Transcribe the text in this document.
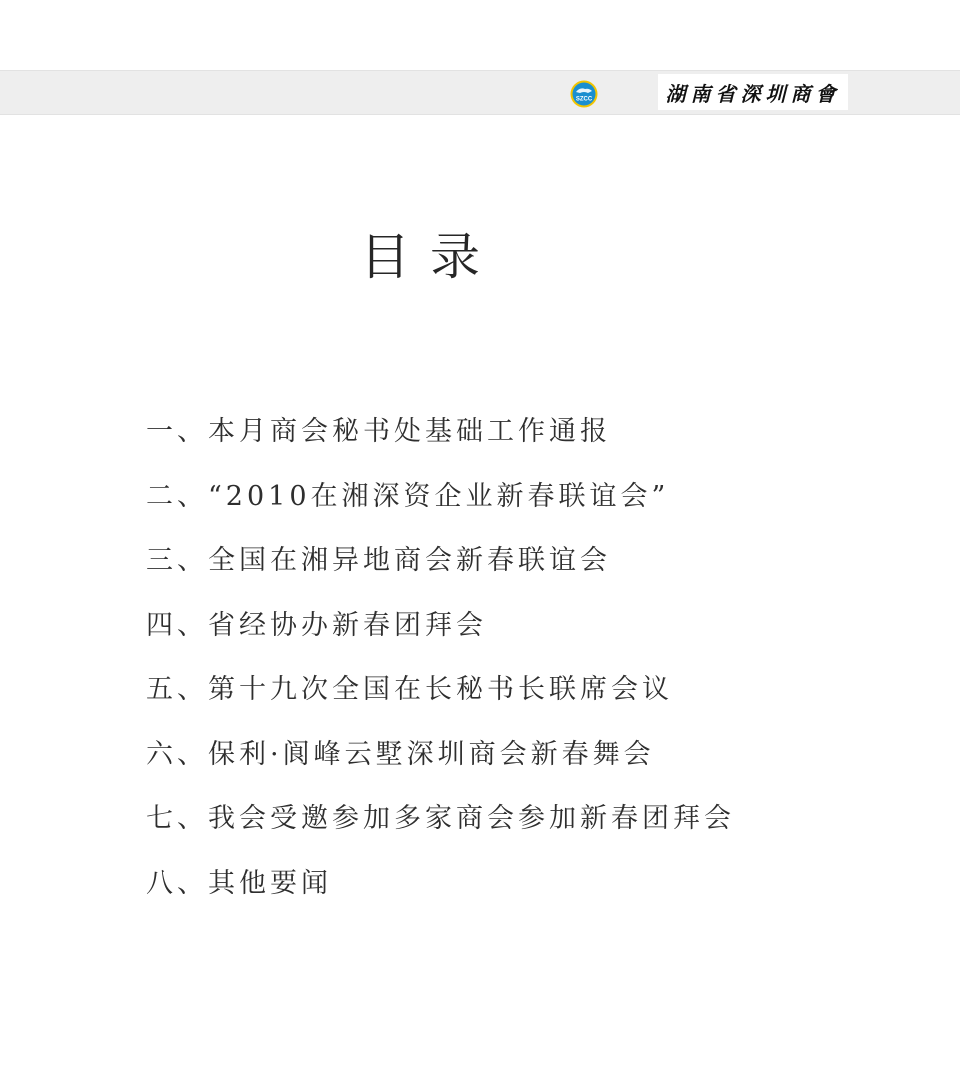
SZCC	湖南省深圳商會
目录
一、本月商会秘书处基础工作通报
二、“2010在湘深资企业新春联谊会”
三、全国在湘异地商会新春联谊会
四、省经协办新春团拜会
五、第十九次全国在长秘书长联席会议
六、保利·阆峰云墅深圳商会新春舞会
七、我会受邀参加多家商会参加新春团拜会
八、其他要闻
